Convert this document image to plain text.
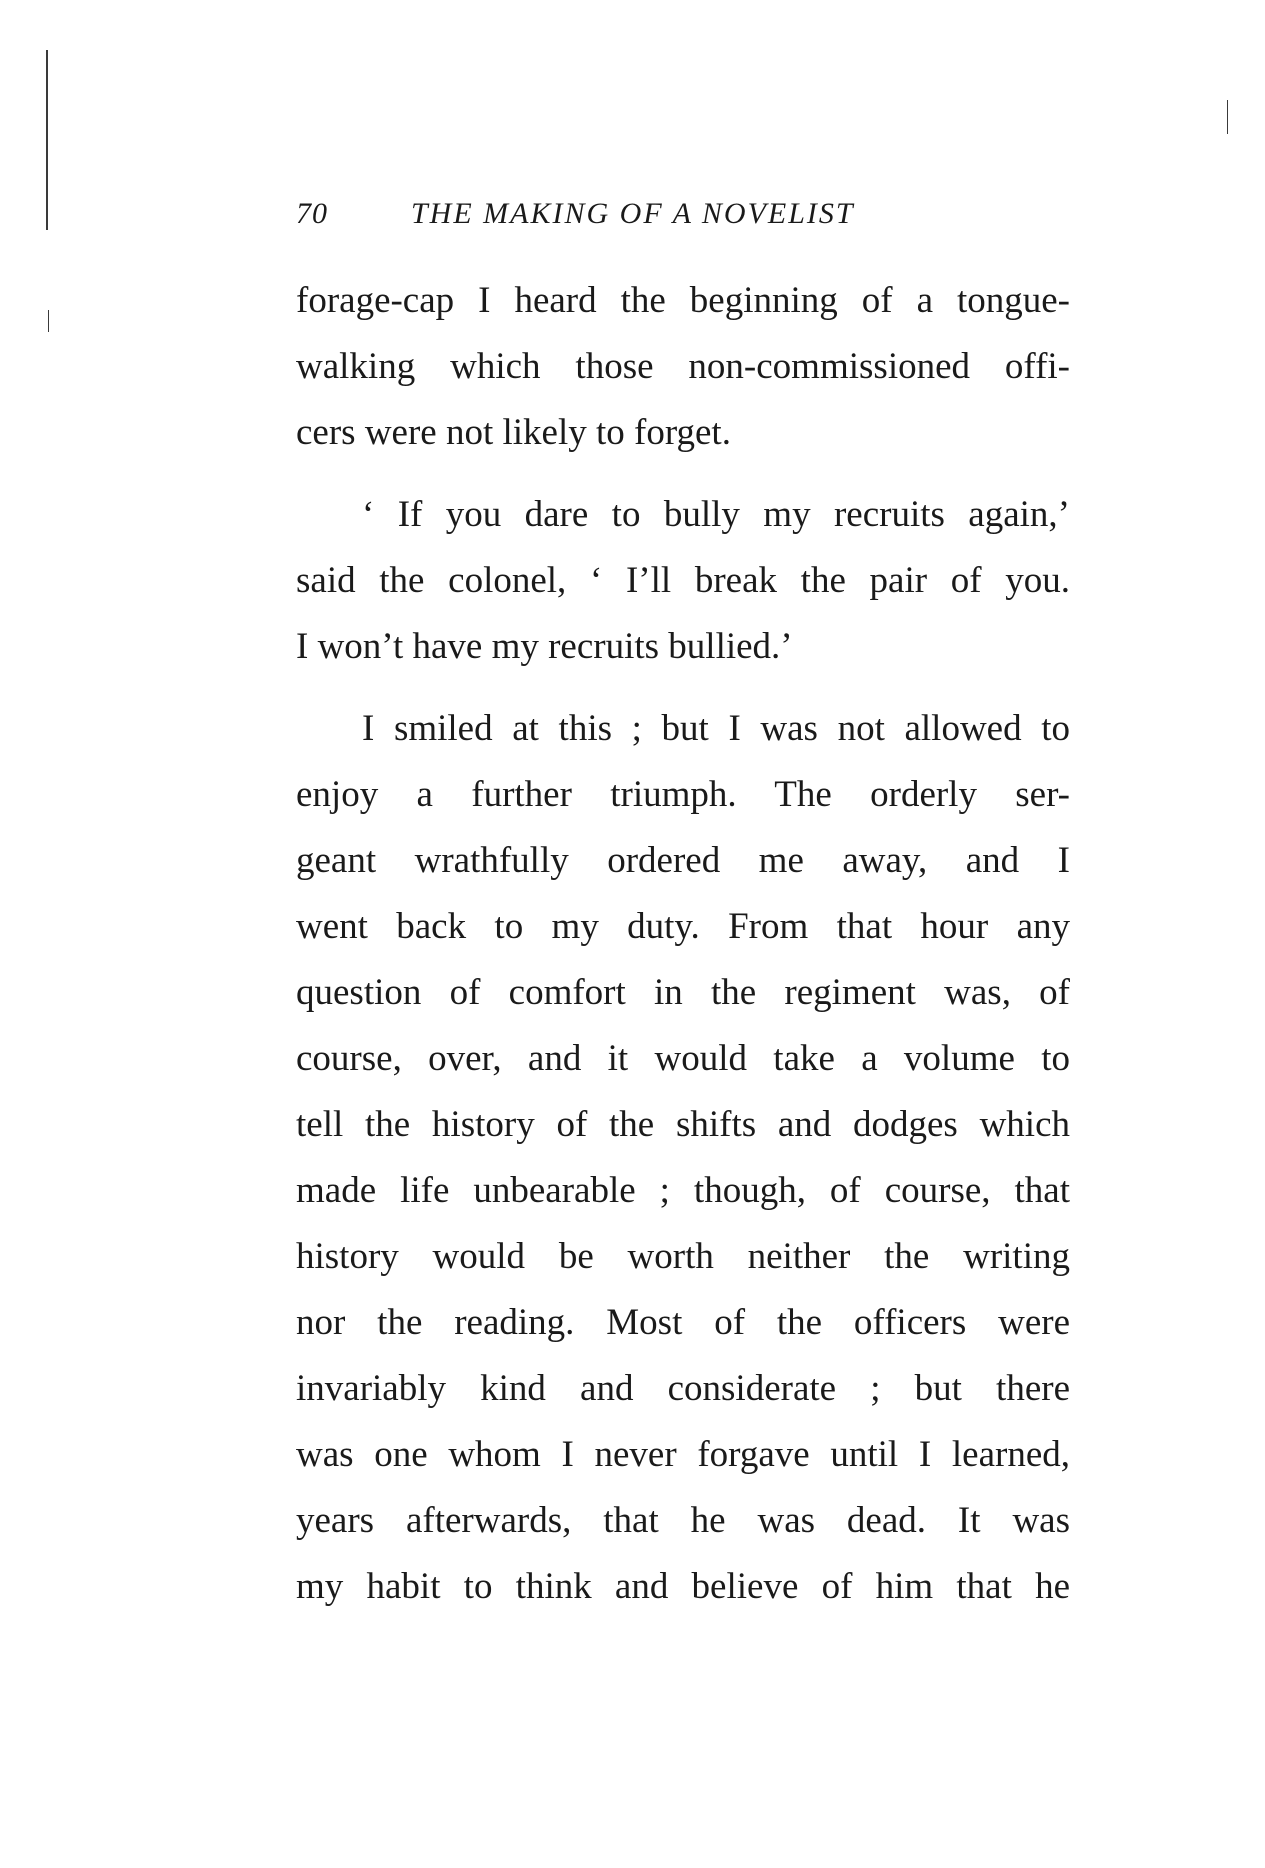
70	THE MAKING OF A NOVELIST
forage-cap I heard the beginning of a tongue-
walking which those non-commissioned offi-
cers were not likely to forget.
‘ If you dare to bully my recruits again,’
said the colonel, ‘ I’ll break the pair of you.
I won’t have my recruits bullied.’
I smiled at this ; but I was not allowed to
enjoy a further triumph. The orderly ser-
geant wrathfully ordered me away, and I
went back to my duty. From that hour any
question of comfort in the regiment was, of
course, over, and it would take a volume to
tell the history of the shifts and dodges which
made life unbearable ; though, of course, that
history would be worth neither the writing
nor the reading. Most of the officers were
invariably kind and considerate ; but there
was one whom I never forgave until I learned,
years afterwards, that he was dead. It was
my habit to think and believe of him that he
